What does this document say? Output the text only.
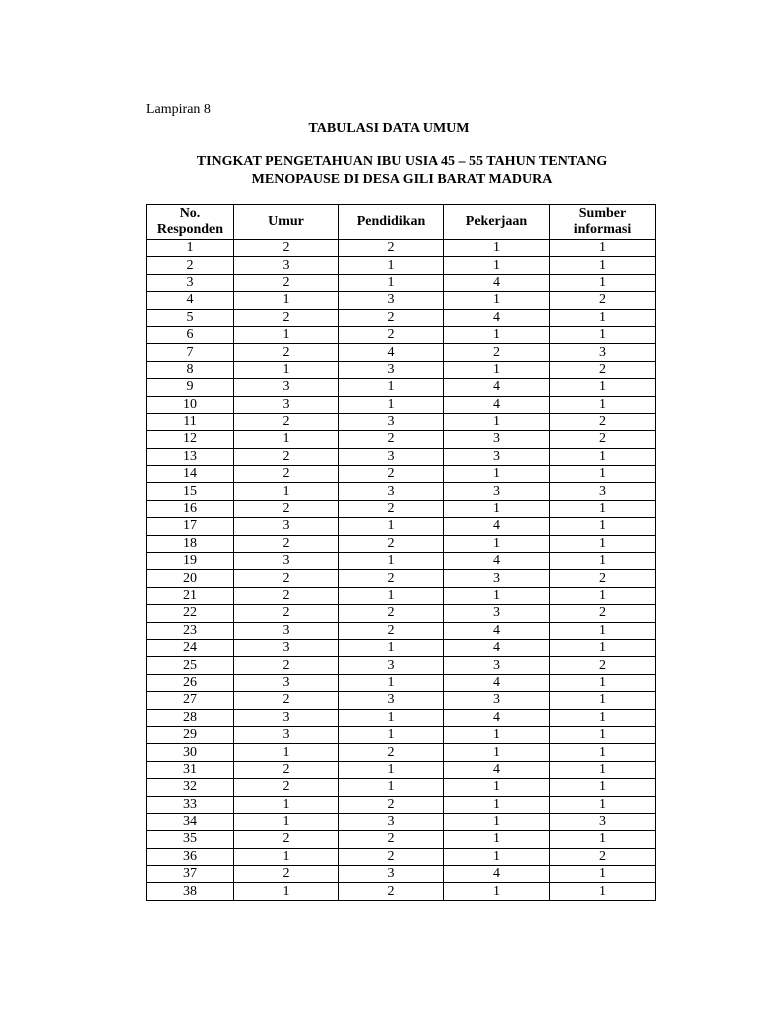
Lampiran 8
TABULASI DATA UMUM
TINGKAT PENGETAHUAN IBU USIA 45 – 55 TAHUN TENTANG
MENOPAUSE DI DESA GILI BARAT MADURA
No.
Responden	Umur	Pendidikan	Pekerjaan	Sumber
informasi
1	2	2	1	1
2	3	1	1	1
3	2	1	4	1
4	1	3	1	2
5	2	2	4	1
6	1	2	1	1
7	2	4	2	3
8	1	3	1	2
9	3	1	4	1
10	3	1	4	1
11	2	3	1	2
12	1	2	3	2
13	2	3	3	1
14	2	2	1	1
15	1	3	3	3
16	2	2	1	1
17	3	1	4	1
18	2	2	1	1
19	3	1	4	1
20	2	2	3	2
21	2	1	1	1
22	2	2	3	2
23	3	2	4	1
24	3	1	4	1
25	2	3	3	2
26	3	1	4	1
27	2	3	3	1
28	3	1	4	1
29	3	1	1	1
30	1	2	1	1
31	2	1	4	1
32	2	1	1	1
33	1	2	1	1
34	1	3	1	3
35	2	2	1	1
36	1	2	1	2
37	2	3	4	1
38	1	2	1	1
